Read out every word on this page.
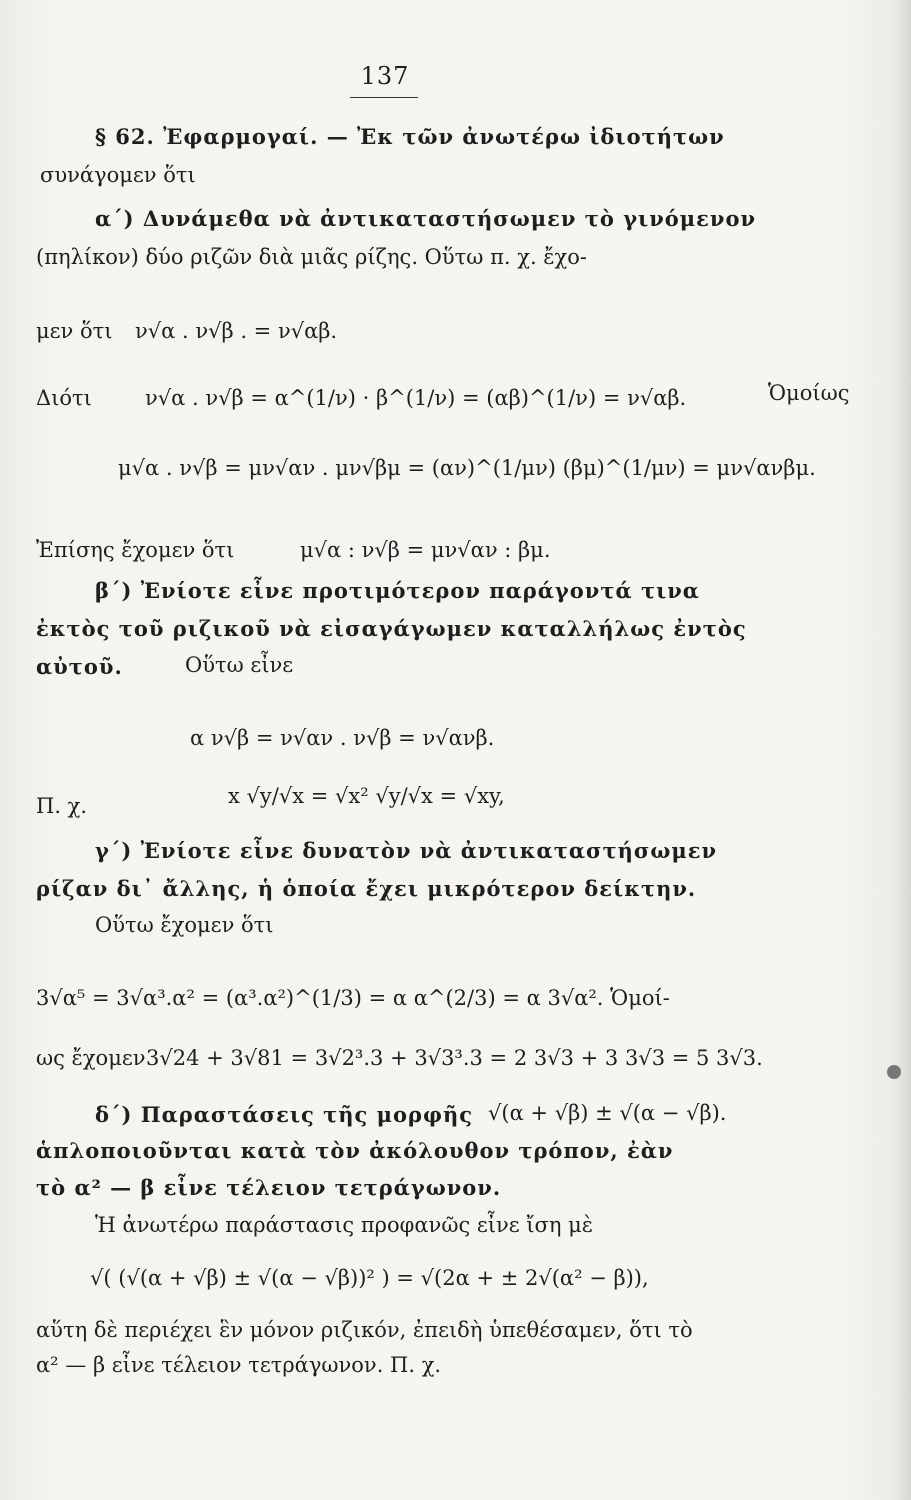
137
§ 62. Ἐφαρμογαί. — Ἐκ τῶν ἀνωτέρω ἰδιοτήτων
συνάγομεν ὅτι
α΄) Δυνάμεθα νὰ ἀντικαταστήσωμεν τὸ γινόμενον
(πηλίκον) δύο ριζῶν διὰ μιᾶς ρίζης. Οὕτω π. χ. ἔχο-
μεν ὅτι ν√α . ν√β . = ν√αβ.
Διότι	ν√α . ν√β = α^(1/ν) · β^(1/ν) = (αβ)^(1/ν) = ν√αβ.	Ὁμοίως
μ√α . ν√β = μν√αν . μν√βμ = (αν)^(1/μν) (βμ)^(1/μν) = μν√ανβμ.
Ἐπίσης ἔχομεν ὅτι	μ√α : ν√β = μν√αν : βμ.
β΄) Ἐνίοτε εἶνε προτιμότερον παράγοντά τινα
ἐκτὸς τοῦ ριζικοῦ νὰ εἰσαγάγωμεν καταλλήλως ἐντὸς
αὐτοῦ.	Οὕτω εἶνε
α ν√β = ν√αν . ν√β = ν√ανβ.
Π. χ.	x √y/√x = √x² √y/√x = √xy,
γ΄) Ἐνίοτε εἶνε δυνατὸν νὰ ἀντικαταστήσωμεν
ρίζαν δι᾽ ἄλλης, ἡ ὁποία ἔχει μικρότερον δείκτην.
Οὕτω ἔχομεν ὅτι
3√α⁵ = 3√α³.α² = (α³.α²)^(1/3) = α α^(2/3) = α 3√α². Ὁμοί-
ως ἔχομεν 3√24 + 3√81 = 3√2³.3 + 3√3³.3 = 2 3√3 + 3 3√3 = 5 3√3.
δ΄) Παραστάσεις τῆς μορφῆς √(α + √β) ± √(α − √β).
ἁπλοποιοῦνται κατὰ τὸν ἀκόλουθον τρόπον, ἐὰν
τὸ α² — β εἶνε τέλειον τετράγωνον.
Ἡ ἀνωτέρω παράστασις προφανῶς εἶνε ἴση μὲ
√( (√(α + √β) ± √(α − √β))² ) = √(2α + ± 2√(α² − β)),
αὕτη δὲ περιέχει ἓν μόνον ριζικόν, ἐπειδὴ ὑπεθέσαμεν, ὅτι τὸ
α² — β εἶνε τέλειον τετράγωνον. Π. χ.
